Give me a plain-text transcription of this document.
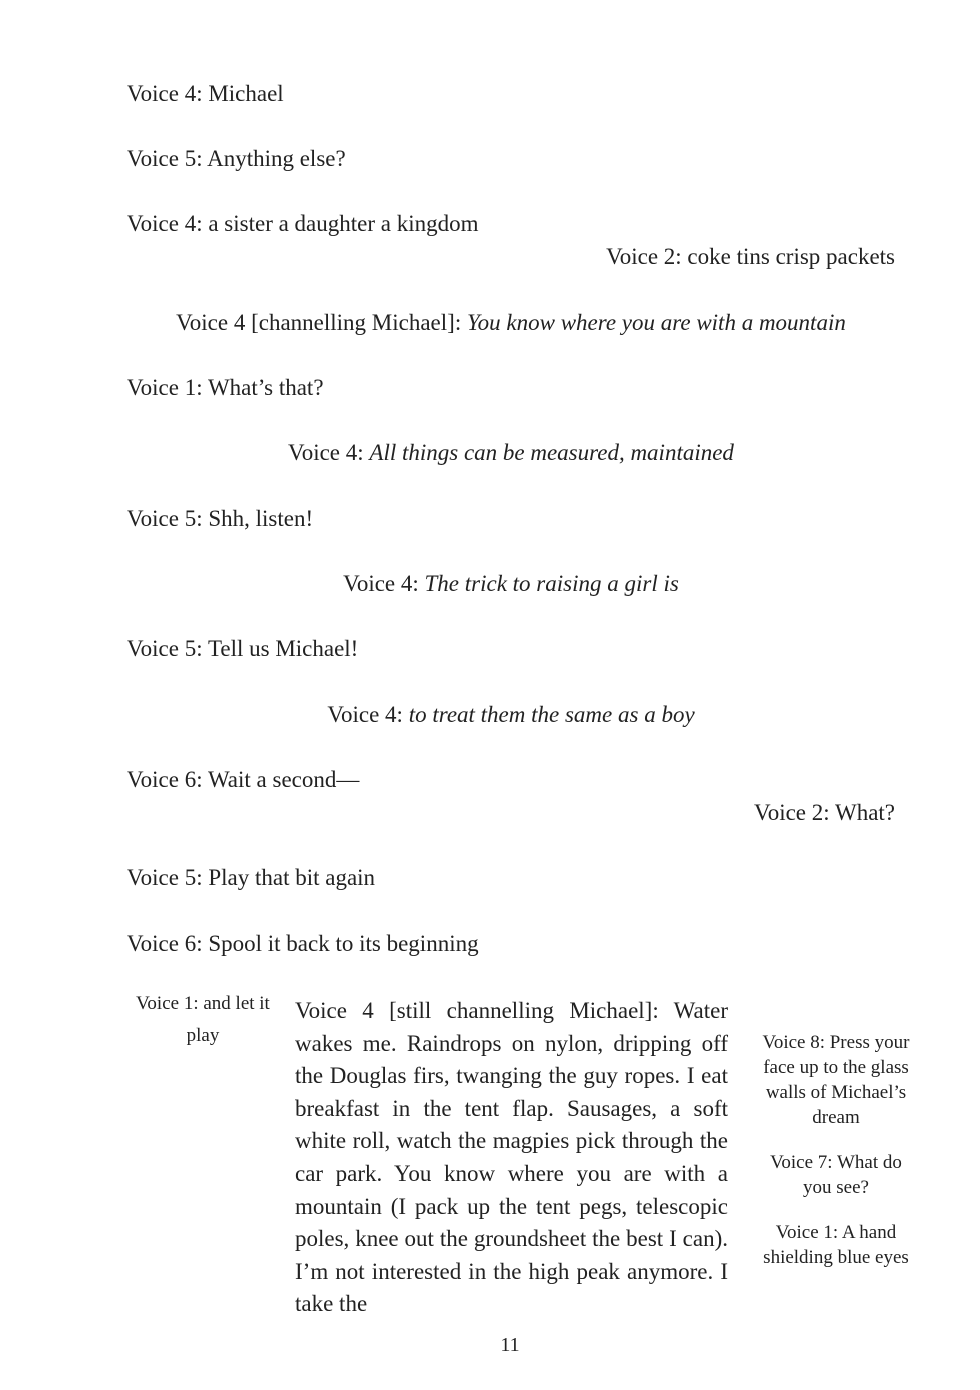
Voice 4: Michael
Voice 5: Anything else?
Voice 4: a sister a daughter a kingdom
Voice 2: coke tins crisp packets
Voice 4 [channelling Michael]: You know where you are with a mountain
Voice 1: What’s that?
Voice 4: All things can be measured, maintained
Voice 5: Shh, listen!
Voice 4: The trick to raising a girl is
Voice 5: Tell us Michael!
Voice 4: to treat them the same as a boy
Voice 6: Wait a second—
Voice 2: What?
Voice 5: Play that bit again
Voice 6: Spool it back to its beginning
Voice 1: and let it play
Voice 4 [still channelling Michael]: Water wakes me. Raindrops on nylon, dripping off the Douglas firs, twanging the guy ropes. I eat breakfast in the tent flap. Sausages, a soft white roll, watch the magpies pick through the car park. You know where you are with a mountain (I pack up the tent pegs, telescopic poles, knee out the groundsheet the best I can). I’m not interested in the high peak anymore. I take the

Voice 8: Press your face up to the glass walls of Michael’s dream

Voice 7: What do you see?

Voice 1: A hand shielding blue eyes

11
